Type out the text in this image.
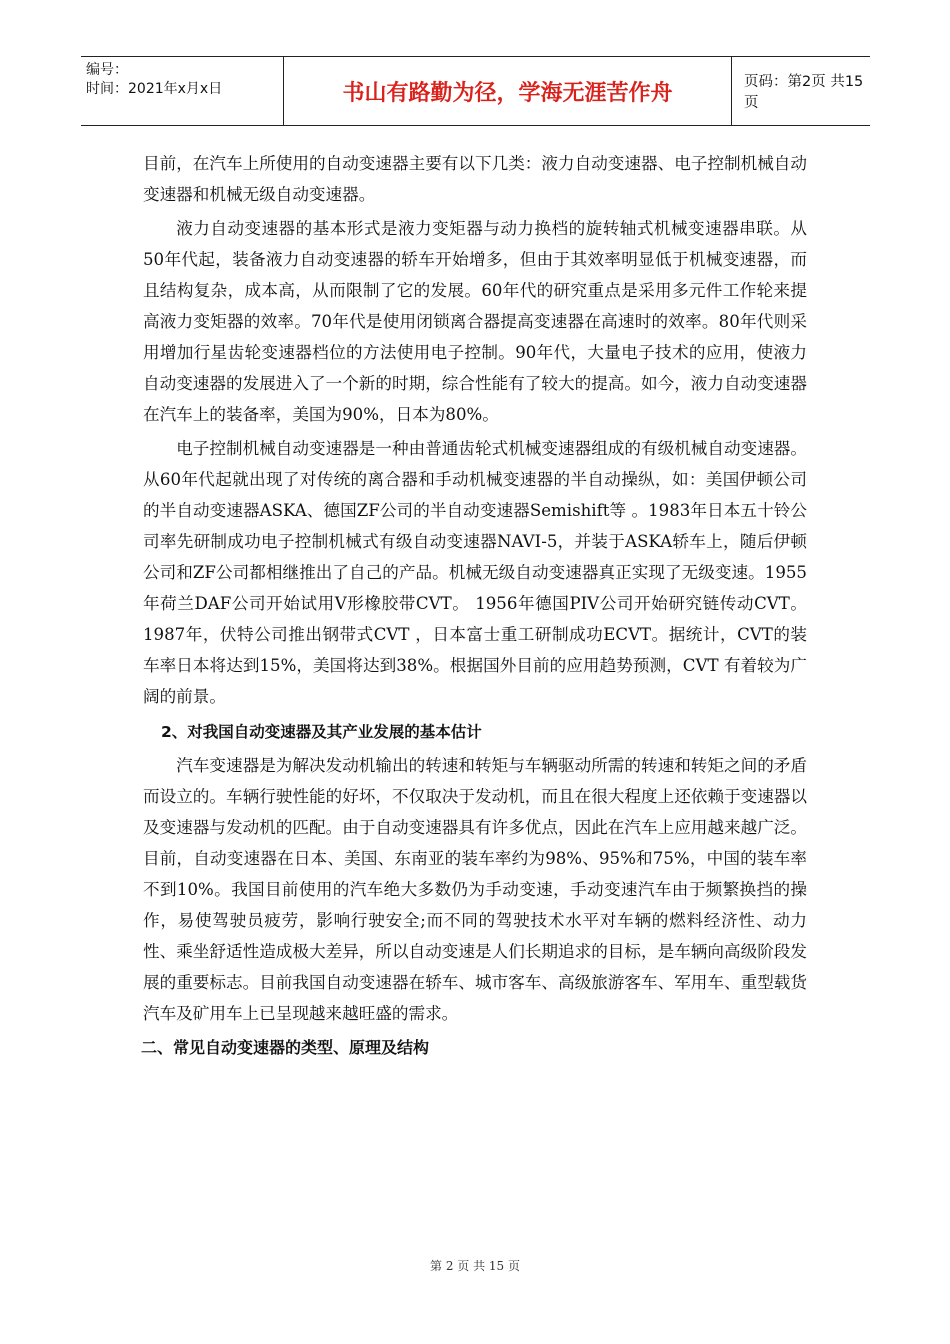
编号：
时间：2021年x月x日	书山有路勤为径，学海无涯苦作舟	页码：第2页 共15页

目前，在汽车上所使用的自动变速器主要有以下几类：液力自动变速器、电子控制机械自动变速器和机械无级自动变速器。

液力自动变速器的基本形式是液力变矩器与动力换档的旋转轴式机械变速器串联。从50年代起，装备液力自动变速器的轿车开始增多，但由于其效率明显低于机械变速器，而且结构复杂，成本高，从而限制了它的发展。60年代的研究重点是采用多元件工作轮来提高液力变矩器的效率。70年代是使用闭锁离合器提高变速器在高速时的效率。80年代则采用增加行星齿轮变速器档位的方法使用电子控制。90年代，大量电子技术的应用，使液力自动变速器的发展进入了一个新的时期，综合性能有了较大的提高。如今，液力自动变速器在汽车上的装备率，美国为90%，日本为80%。

电子控制机械自动变速器是一种由普通齿轮式机械变速器组成的有级机械自动变速器。从60年代起就出现了对传统的离合器和手动机械变速器的半自动操纵，如：美国伊顿公司的半自动变速器ASKA、德国ZF公司的半自动变速器Semishift等 。1983年日本五十铃公司率先研制成功电子控制机械式有级自动变速器NAVI-5，并装于ASKA轿车上，随后伊顿公司和ZF公司都相继推出了自己的产品。机械无级自动变速器真正实现了无级变速。1955年荷兰DAF公司开始试用V形橡胶带CVT。 1956年德国PIV公司开始研究链传动CVT。1987年，伏特公司推出钢带式CVT ，日本富士重工研制成功ECVT。据统计，CVT的装车率日本将达到15%，美国将达到38%。根据国外目前的应用趋势预测，CVT 有着较为广阔的前景。

2、对我国自动变速器及其产业发展的基本估计

汽车变速器是为解决发动机输出的转速和转矩与车辆驱动所需的转速和转矩之间的矛盾而设立的。车辆行驶性能的好坏，不仅取决于发动机，而且在很大程度上还依赖于变速器以及变速器与发动机的匹配。由于自动变速器具有许多优点，因此在汽车上应用越来越广泛。目前，自动变速器在日本、美国、东南亚的装车率约为98%、95%和75%，中国的装车率不到10%。我国目前使用的汽车绝大多数仍为手动变速，手动变速汽车由于频繁换挡的操作，易使驾驶员疲劳，影响行驶安全;而不同的驾驶技术水平对车辆的燃料经济性、动力性、乘坐舒适性造成极大差异，所以自动变速是人们长期追求的目标，是车辆向高级阶段发展的重要标志。目前我国自动变速器在轿车、城市客车、高级旅游客车、军用车、重型载货汽车及矿用车上已呈现越来越旺盛的需求。

二、常见自动变速器的类型、原理及结构
第 2 页 共 15 页
